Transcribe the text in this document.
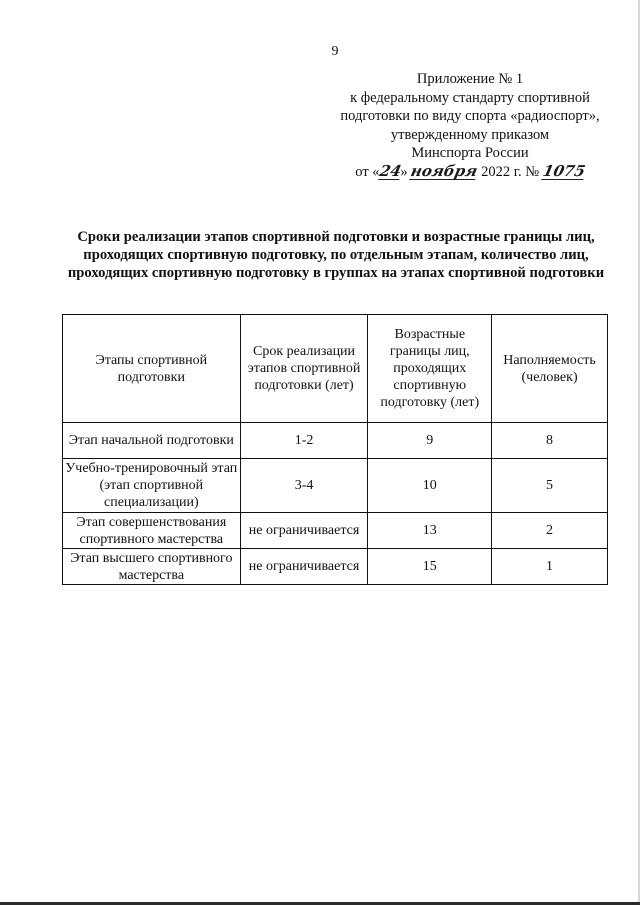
9
Приложение № 1
к федеральному стандарту спортивной
подготовки по виду спорта «радиоспорт»,
утвержденному приказом
Минспорта России
от «24» ноября 2022 г. № 1075
Сроки реализации этапов спортивной подготовки и возрастные границы лиц, проходящих спортивную подготовку, по отдельным этапам, количество лиц, проходящих спортивную подготовку в группах на этапах спортивной подготовки
Этапы спортивной подготовки	Срок реализации этапов спортивной подготовки (лет)	Возрастные границы лиц, проходящих спортивную подготовку (лет)	Наполняемость (человек)
Этап начальной подготовки	1-2	9	8
Учебно-тренировочный этап (этап спортивной специализации)	3-4	10	5
Этап совершенствования спортивного мастерства	не ограничивается	13	2
Этап высшего спортивного мастерства	не ограничивается	15	1
